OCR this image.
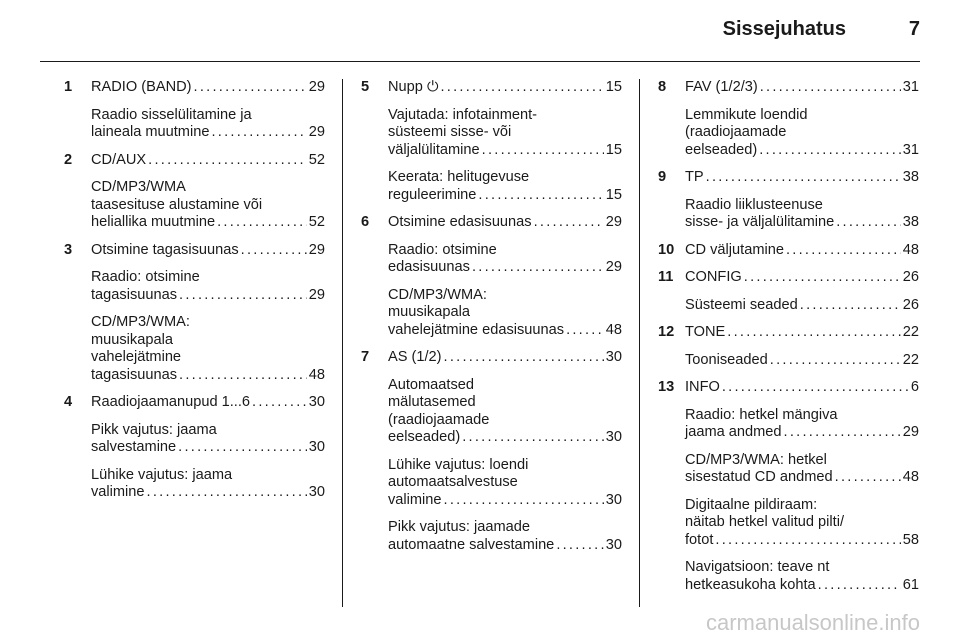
Sissejuhatus	7
1 RADIO (BAND) . . .	29
Raadio sisselülitamine ja
laineala muutmine . . .	29
2 CD/AUX . . .	52
CD/MP3/WMA
taasesituse alustamine või
heliallika muutmine . . .	52
3 Otsimine tagasisuunas . . .	29
Raadio: otsimine
tagasisuunas . . .	29
CD/MP3/WMA:
muusikapala
vahelejätmine
tagasisuunas . . .	48
4 Raadiojaamanupud 1...6 . . .	30
Pikk vajutus: jaama
salvestamine . . .	30
Lühike vajutus: jaama
valimine . . .	30
5 Nupp ⏻ . . .	15
Vajutada: infotainment-
süsteemi sisse- või
väljalülitamine . . .	15
Keerata: helitugevuse
reguleerimine . . .	15
6 Otsimine edasisuunas . . .	29
Raadio: otsimine
edasisuunas . . .	29
CD/MP3/WMA:
muusikapala
vahelejätmine edasisuunas . . .	48
7 AS (1/2) . . .	30
Automaatsed
mälutasemed
(raadiojaamade
eelseaded) . . .	30
Lühike vajutus: loendi
automaatsalvestuse
valimine . . .	30
Pikk vajutus: jaamade
automaatne salvestamine . . .	30
8 FAV (1/2/3) . . .	31
Lemmikute loendid
(raadiojaamade
eelseaded) . . .	31
9 TP . . .	38
Raadio liiklusteenuse
sisse- ja väljalülitamine . . .	38
10 CD väljutamine . . .	48
11 CONFIG . . .	26
Süsteemi seaded . . .	26
12 TONE . . .	22
Tooniseaded . . .	22
13 INFO . . .	6
Raadio: hetkel mängiva
jaama andmed . . .	29
CD/MP3/WMA: hetkel
sisestatud CD andmed . . .	48
Digitaalne pildiraam:
näitab hetkel valitud pilti/
fotot . . .	58
Navigatsioon: teave nt
hetkeasukoha kohta . . .	61
carmanualsonline.info
